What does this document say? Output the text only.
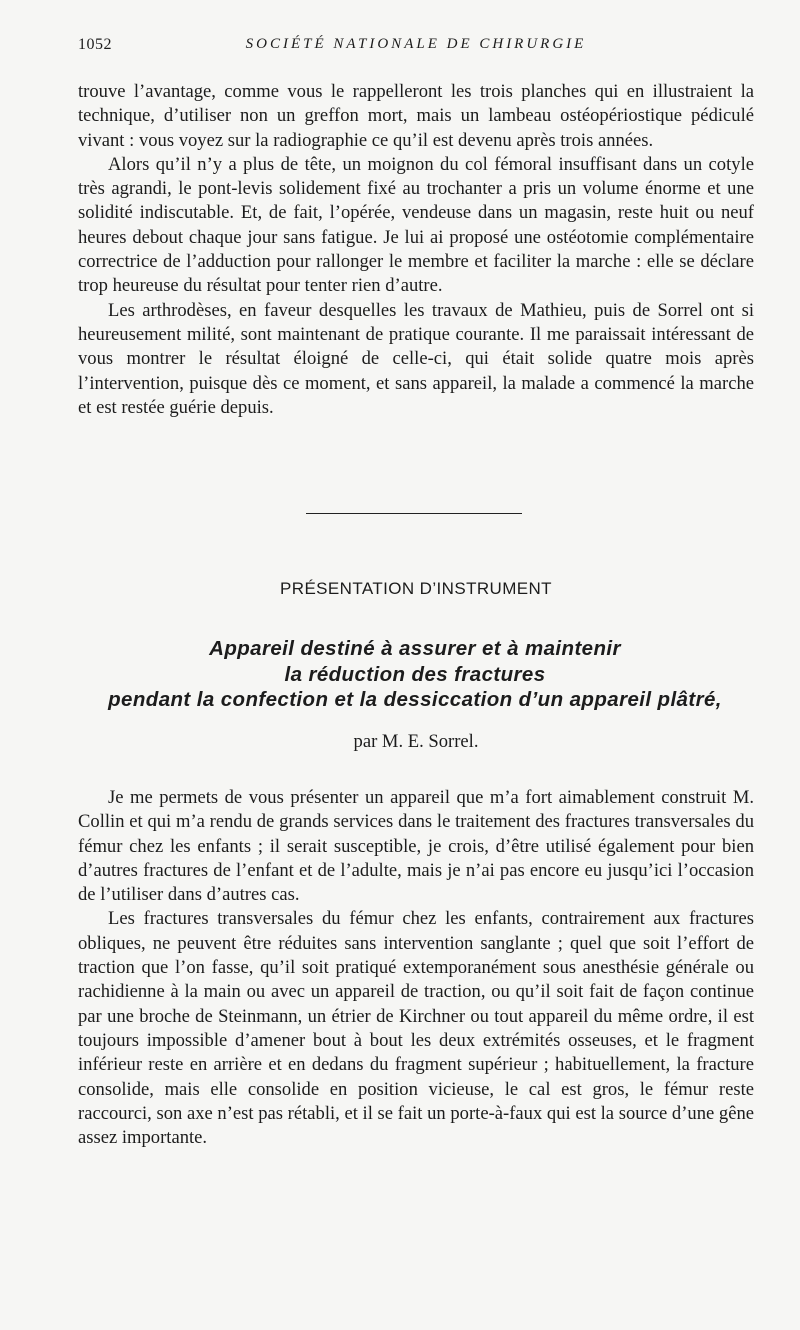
1052	SOCIÉTÉ NATIONALE DE CHIRURGIE

trouve l’avantage, comme vous le rappelleront les trois planches qui en illustraient la technique, d’utiliser non un greffon mort, mais un lambeau ostéopériostique pédiculé vivant : vous voyez sur la radiographie ce qu’il est devenu après trois années.

Alors qu’il n’y a plus de tête, un moignon du col fémoral insuffisant dans un cotyle très agrandi, le pont-levis solidement fixé au trochanter a pris un volume énorme et une solidité indiscutable. Et, de fait, l’opérée, vendeuse dans un magasin, reste huit ou neuf heures debout chaque jour sans fatigue. Je lui ai proposé une ostéotomie complémentaire correctrice de l’adduction pour rallonger le membre et faciliter la marche : elle se déclare trop heureuse du résultat pour tenter rien d’autre.

Les arthrodèses, en faveur desquelles les travaux de Mathieu, puis de Sorrel ont si heureusement milité, sont maintenant de pratique courante. Il me paraissait intéressant de vous montrer le résultat éloigné de celle-ci, qui était solide quatre mois après l’intervention, puisque dès ce moment, et sans appareil, la malade a commencé la marche et est restée guérie depuis.

PRÉSENTATION D’INSTRUMENT
Appareil destiné à assurer et à maintenir
la réduction des fractures
pendant la confection et la dessiccation d’un appareil plâtré,
par M. E. Sorrel.

Je me permets de vous présenter un appareil que m’a fort aimablement construit M. Collin et qui m’a rendu de grands services dans le traitement des fractures transversales du fémur chez les enfants ; il serait susceptible, je crois, d’être utilisé également pour bien d’autres fractures de l’enfant et de l’adulte, mais je n’ai pas encore eu jusqu’ici l’occasion de l’utiliser dans d’autres cas.

Les fractures transversales du fémur chez les enfants, contrairement aux fractures obliques, ne peuvent être réduites sans intervention sanglante ; quel que soit l’effort de traction que l’on fasse, qu’il soit pratiqué extemporanément sous anesthésie générale ou rachidienne à la main ou avec un appareil de traction, ou qu’il soit fait de façon continue par une broche de Steinmann, un étrier de Kirchner ou tout appareil du même ordre, il est toujours impossible d’amener bout à bout les deux extrémités osseuses, et le fragment inférieur reste en arrière et en dedans du fragment supérieur ; habituellement, la fracture consolide, mais elle consolide en position vicieuse, le cal est gros, le fémur reste raccourci, son axe n’est pas rétabli, et il se fait un porte-à-faux qui est la source d’une gêne assez importante.
